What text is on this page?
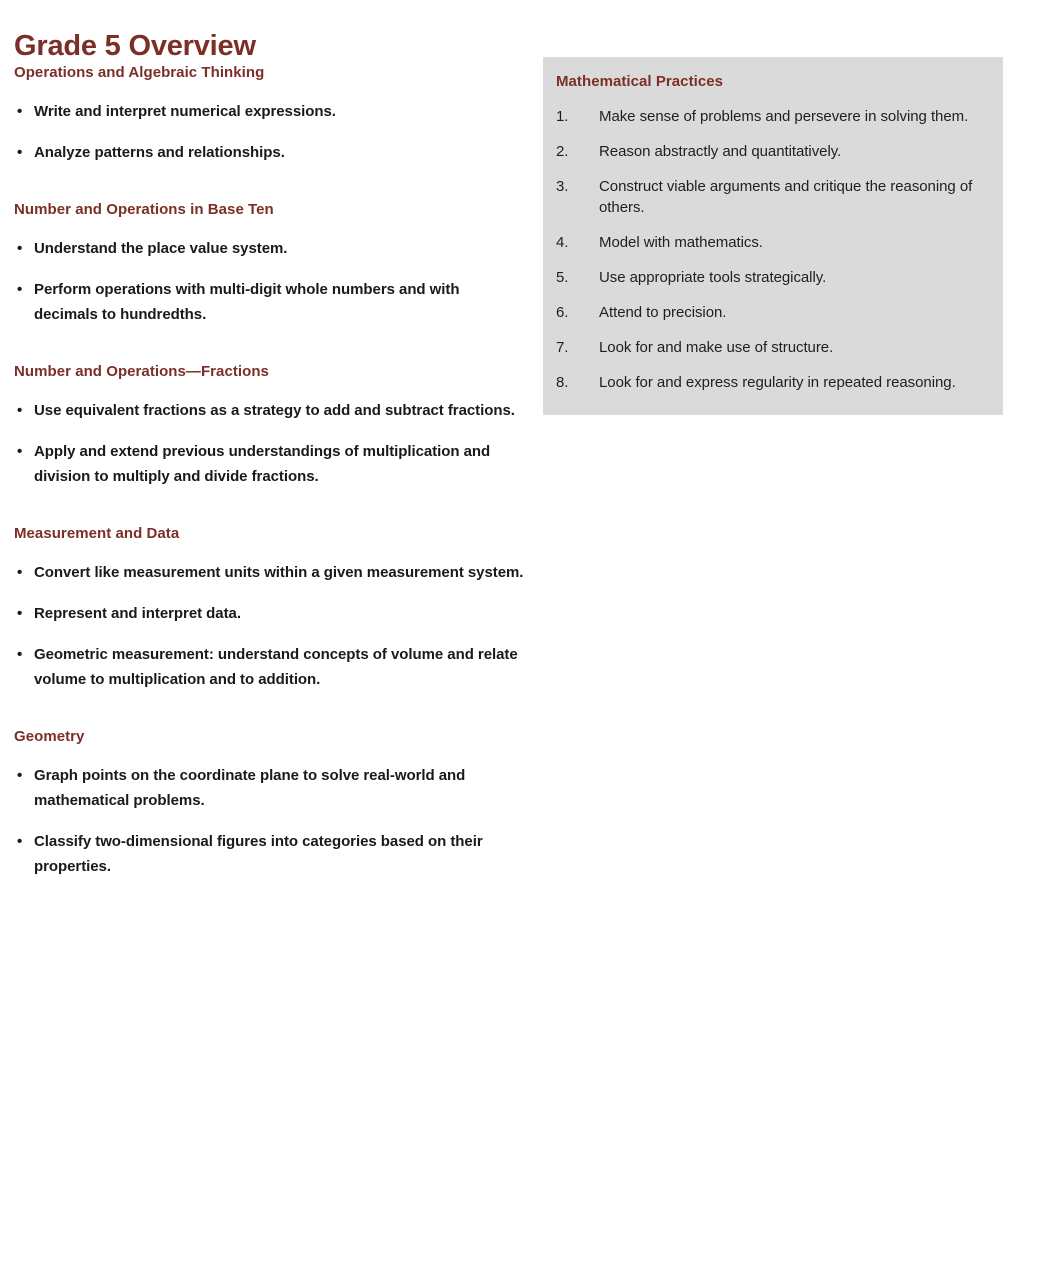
Grade 5 Overview
Operations and Algebraic Thinking
• Write and interpret numerical expressions.
• Analyze patterns and relationships.
Number and Operations in Base Ten
• Understand the place value system.
• Perform operations with multi-digit whole numbers and with decimals to hundredths.
Number and Operations—Fractions
• Use equivalent fractions as a strategy to add and subtract fractions.
• Apply and extend previous understandings of multiplication and division to multiply and divide fractions.
Measurement and Data
• Convert like measurement units within a given measurement system.
• Represent and interpret data.
• Geometric measurement: understand concepts of volume and relate volume to multiplication and to addition.
Geometry
• Graph points on the coordinate plane to solve real-world and mathematical problems.
• Classify two-dimensional figures into categories based on their properties.
Mathematical Practices
1.	Make sense of problems and persevere in solving them.
2.	Reason abstractly and quantitatively.
3.	Construct viable arguments and critique the reasoning of others.
4.	Model with mathematics.
5.	Use appropriate tools strategically.
6.	Attend to precision.
7.	Look for and make use of structure.
8.	Look for and express regularity in repeated reasoning.
